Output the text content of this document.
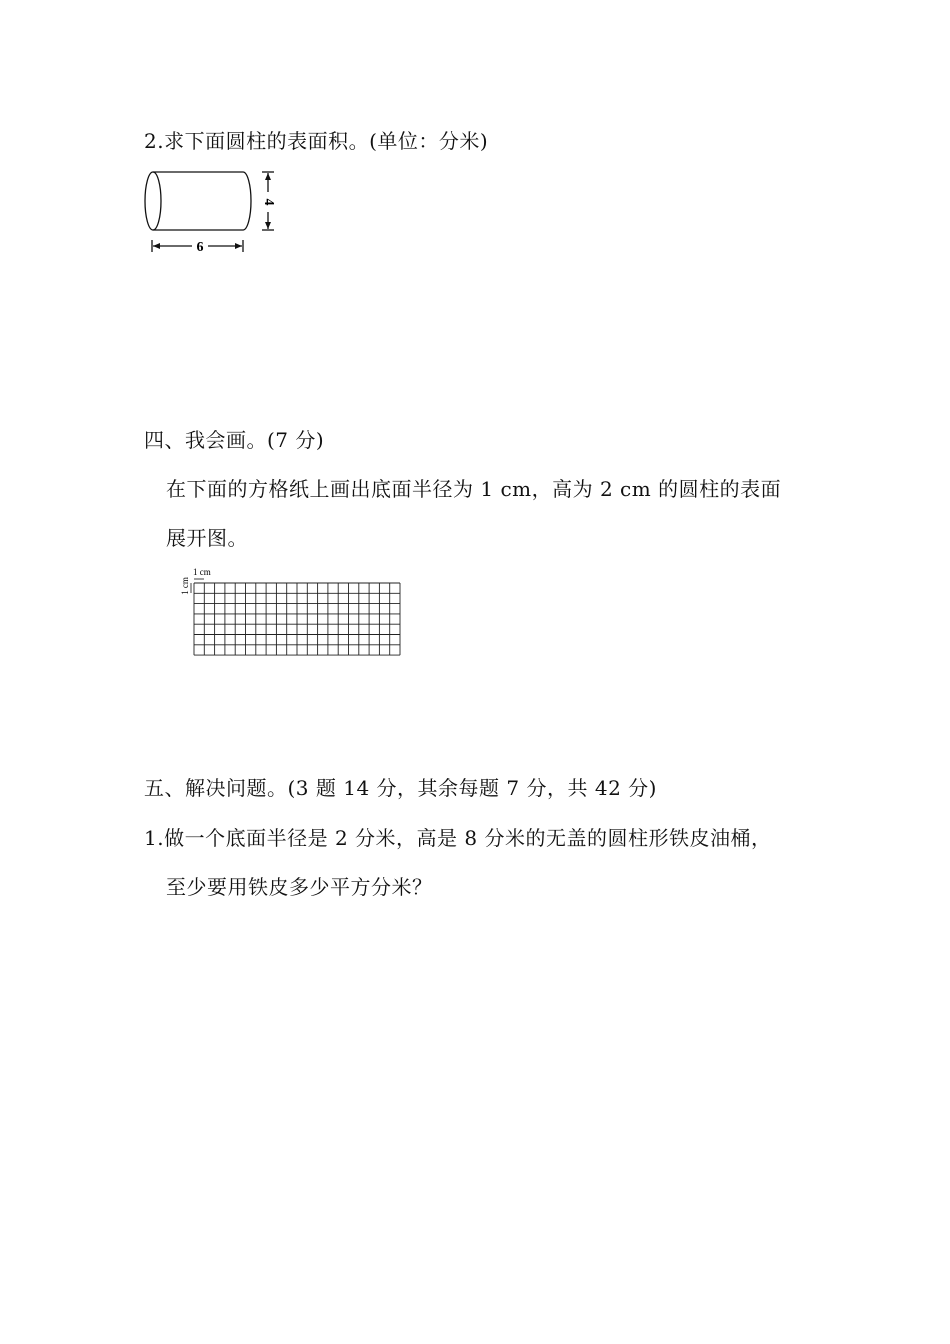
2.求下面圆柱的表面积。(单位：分米)
6
4
四、我会画。(7 分)
在下面的方格纸上画出底面半径为 1 cm，高为 2 cm 的圆柱的表面
展开图。
1 cm
1 cm
五、解决问题。(3 题 14 分，其余每题 7 分，共 42 分)
1.做一个底面半径是 2 分米，高是 8 分米的无盖的圆柱形铁皮油桶，
至少要用铁皮多少平方分米？
